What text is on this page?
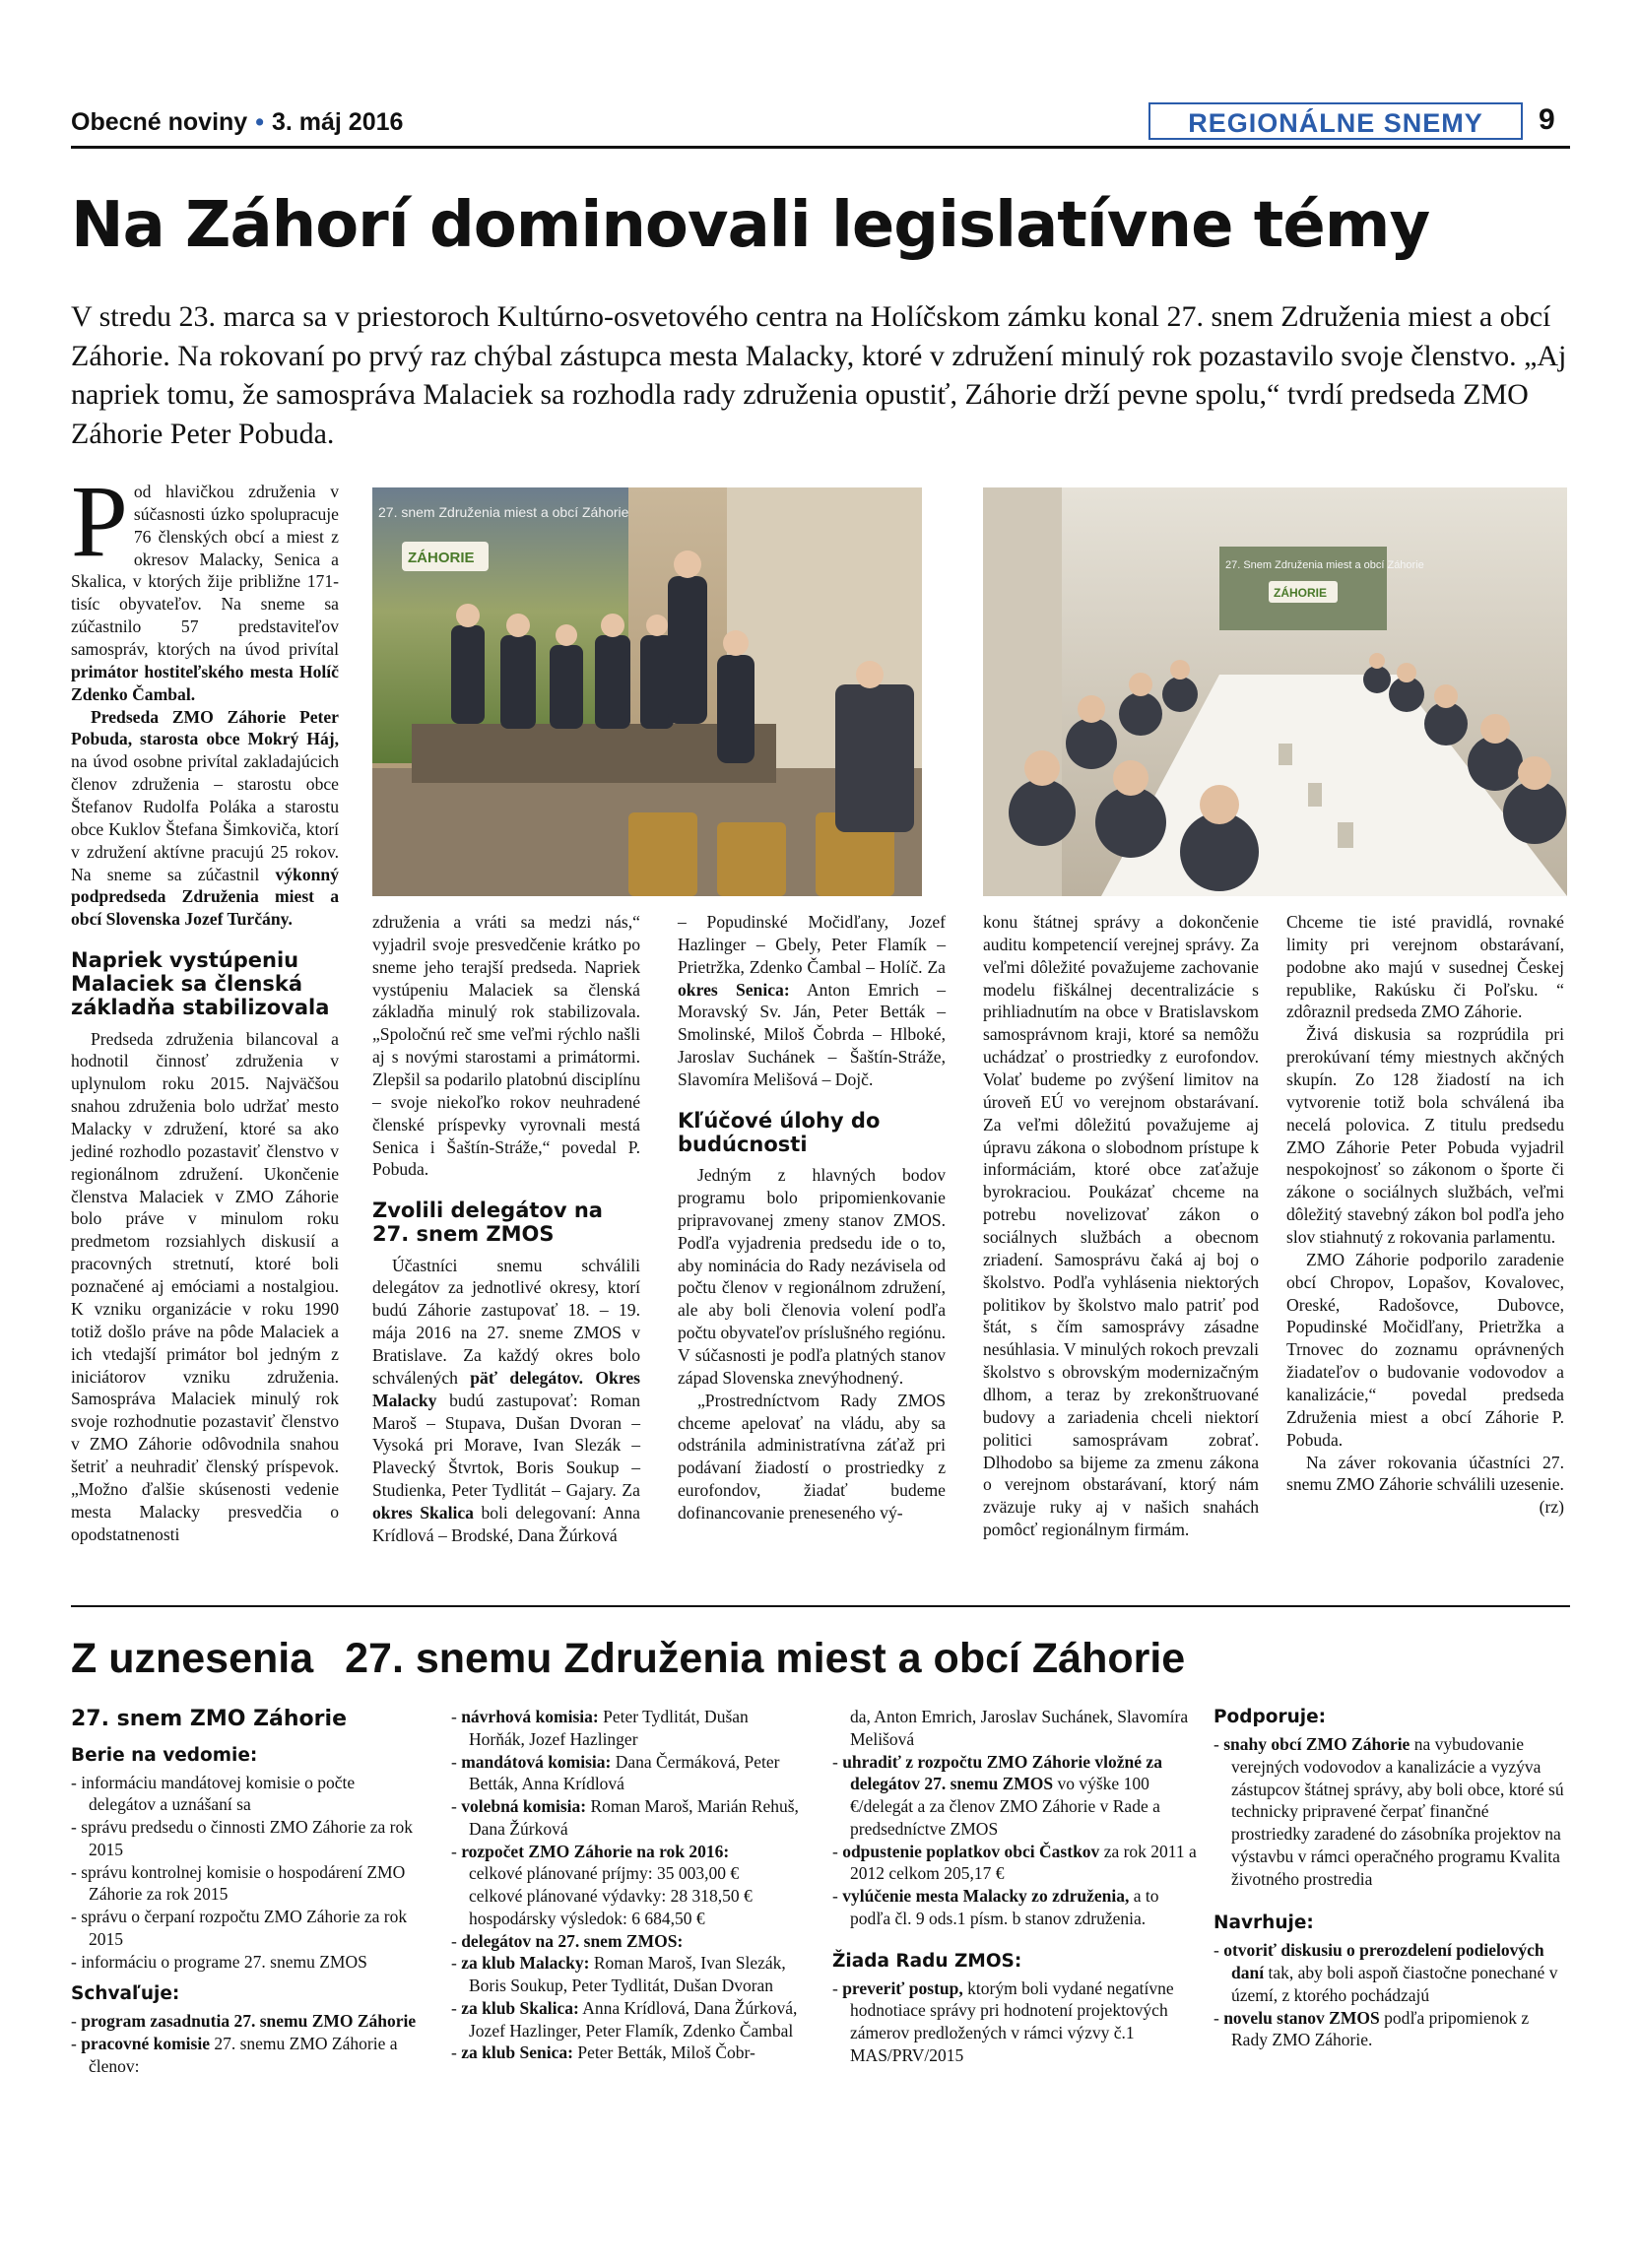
Obecné noviny • 3. máj 2016	REGIONÁLNE SNEMY	9
Na Záhorí dominovali legislatívne témy
V stredu 23. marca sa v priestoroch Kultúrno-osvetového centra na Holíčskom zámku konal 27. snem Združenia miest a obcí Záhorie. Na rokovaní po prvý raz chýbal zástupca mesta Malacky, ktoré v združení minulý rok pozastavilo svoje členstvo. „Aj napriek tomu, že samospráva Malaciek sa rozhodla rady združenia opustiť, Záhorie drží pevne spolu,“ tvrdí predseda ZMO Záhorie Peter Pobuda.

Pod hlavičkou združenia v súčasnosti úzko spolupracuje 76 členských obcí a miest z okresov Malacky, Senica a Skalica, v ktorých žije približne 171-tisíc obyvateľov. Na sneme sa zúčastnilo 57 predstaviteľov samospráv, ktorých na úvod privítal primátor hostiteľského mesta Holíč Zdenko Čambal.

Predseda ZMO Záhorie Peter Pobuda, starosta obce Mokrý Háj, na úvod osobne privítal zakladajúcich členov združenia – starostu obce Štefanov Rudolfa Poláka a starostu obce Kuklov Štefana Šimkoviča, ktorí v združení aktívne pracujú 25 rokov. Na sneme sa zúčastnil výkonný podpredseda Združenia miest a obcí Slovenska Jozef Turčány.

Napriek vystúpeniu Malaciek sa členská základňa stabilizovala

Predseda združenia bilancoval a hodnotil činnosť združenia v uplynulom roku 2015. Najväčšou snahou združenia bolo udržať mesto Malacky v združení, ktoré sa ako jediné rozhodlo pozastaviť členstvo v regionálnom združení. Ukončenie členstva Malaciek v ZMO Záhorie bolo práve v minulom roku predmetom rozsiahlych diskusií a pracovných stretnutí, ktoré boli poznačené aj emóciami a nostalgiou. K vzniku organizácie v roku 1990 totiž došlo práve na pôde Malaciek a ich vtedajší primátor bol jedným z iniciátorov vzniku združenia. Samospráva Malaciek minulý rok svoje rozhodnutie pozastaviť členstvo v ZMO Záhorie odôvodnila snahou šetriť a neuhradiť členský príspevok. „Možno ďalšie skúsenosti vedenie mesta Malacky presvedčia o opodstatnenosti

27. snem Združenia miest a obcí Záhorie
ZÁHORIE	27. Snem Združenia miest a obcí Záhorie
ZÁHORIE

združenia a vráti sa medzi nás,“ vyjadril svoje presvedčenie krátko po sneme jeho terajší predseda. Napriek vystúpeniu Malaciek sa členská základňa minulý rok stabilizovala. „Spoločnú reč sme veľmi rýchlo našli aj s novými starostami a primátormi. Zlepšil sa podarilo platobnú disciplínu – svoje niekoľko rokov neuhradené členské príspevky vyrovnali mestá Senica i Šaštín-Stráže,“ povedal P. Pobuda.

Zvolili delegátov na 27. snem ZMOS

Účastníci snemu schválili delegátov za jednotlivé okresy, ktorí budú Záhorie zastupovať 18. – 19. mája 2016 na 27. sneme ZMOS v Bratislave. Za každý okres bolo schválených päť delegátov. Okres Malacky budú zastupovať: Roman Maroš – Stupava, Dušan Dvoran – Vysoká pri Morave, Ivan Slezák – Plavecký Štvrtok, Boris Soukup – Studienka, Peter Tydlitát – Gajary. Za okres Skalica boli delegovaní: Anna Krídlová – Brodské, Dana Žúrková

– Popudinské Močidľany, Jozef Hazlinger – Gbely, Peter Flamík – Prietržka, Zdenko Čambal – Holíč. Za okres Senica: Anton Emrich – Moravský Sv. Ján, Peter Betták – Smolinské, Miloš Čobrda – Hlboké, Jaroslav Suchánek – Šaštín-Stráže, Slavomíra Melišová – Dojč.

Kľúčové úlohy do budúcnosti

Jedným z hlavných bodov programu bolo pripomienkovanie pripravovanej zmeny stanov ZMOS. Podľa vyjadrenia predsedu ide o to, aby nominácia do Rady nezávisela od počtu členov v regionálnom združení, ale aby boli členovia volení podľa počtu obyvateľov príslušného regiónu. V súčasnosti je podľa platných stanov západ Slovenska znevýhodnený.

„Prostredníctvom Rady ZMOS chceme apelovať na vládu, aby sa odstránila administratívna záťaž pri podávaní žiadostí o prostriedky z eurofondov, žiadať budeme dofinancovanie preneseného vý-

konu štátnej správy a dokončenie auditu kompetencií verejnej správy. Za veľmi dôležité považujeme zachovanie modelu fiškálnej decentralizácie s prihliadnutím na obce v Bratislavskom samosprávnom kraji, ktoré sa nemôžu uchádzať o prostriedky z eurofondov. Volať budeme po zvýšení limitov na úroveň EÚ vo verejnom obstarávaní. Za veľmi dôležitú považujeme aj úpravu zákona o slobodnom prístupe k informáciám, ktoré obce zaťažuje byrokraciou. Poukázať chceme na potrebu novelizovať zákon o sociálnych službách a obecnom zriadení. Samosprávu čaká aj boj o školstvo. Podľa vyhlásenia niektorých politikov by školstvo malo patriť pod štát, s čím samosprávy zásadne nesúhlasia. V minulých rokoch prevzali školstvo s obrovským modernizačným dlhom, a teraz by zrekonštruované budovy a zariadenia chceli niektorí politici samosprávam zobrať. Dlhodobo sa bijeme za zmenu zákona o verejnom obstarávaní, ktorý nám zväzuje ruky aj v našich snahách pomôcť regionálnym firmám.

Chceme tie isté pravidlá, rovnaké limity pri verejnom obstarávaní, podobne ako majú v susednej Českej republike, Rakúsku či Poľsku. “ zdôraznil predseda ZMO Záhorie.

Živá diskusia sa rozprúdila pri prerokúvaní témy miestnych akčných skupín. Zo 128 žiadostí na ich vytvorenie totiž bola schválená iba necelá polovica. Z titulu predsedu ZMO Záhorie Peter Pobuda vyjadril nespokojnosť so zákonom o športe či zákone o sociálnych službách, veľmi dôležitý stavebný zákon bol podľa jeho slov stiahnutý z rokovania parlamentu.

ZMO Záhorie podporilo zaradenie obcí Chropov, Lopašov, Kovalovec, Oreské, Radošovce, Dubovce, Popudinské Močidľany, Prietržka a Trnovec do zoznamu oprávnených žiadateľov o budovanie vodovodov a kanalizácie,“ povedal predseda Združenia miest a obcí Záhorie P. Pobuda.

Na záver rokovania účastníci 27. snemu ZMO Záhorie schválili uzesenie.

(rz)
Z uznesenia 27. snemu Združenia miest a obcí Záhorie
27. snem ZMO Záhorie
Berie na vedomie:
- informáciu mandátovej komisie o počte delegátov a uznášaní sa
- správu predsedu o činnosti ZMO Záhorie za rok 2015
- správu kontrolnej komisie o hospodárení ZMO Záhorie za rok 2015
- správu o čerpaní rozpočtu ZMO Záhorie za rok 2015
- informáciu o programe 27. snemu ZMOS
Schvaľuje:
- program zasadnutia 27. snemu ZMO Záhorie
- pracovné komisie 27. snemu ZMO Záhorie a členov:
- návrhová komisia: Peter Tydlitát, Dušan Horňák, Jozef Hazlinger
- mandátová komisia: Dana Čermáková, Peter Betták, Anna Krídlová
- volebná komisia: Roman Maroš, Marián Rehuš, Dana Žúrková
- rozpočet ZMO Záhorie na rok 2016:
celkové plánované príjmy: 35 003,00 €
celkové plánované výdavky: 28 318,50 €
hospodársky výsledok: 6 684,50 €
- delegátov na 27. snem ZMOS:
- za klub Malacky: Roman Maroš, Ivan Slezák, Boris Soukup, Peter Tydlitát, Dušan Dvoran
- za klub Skalica: Anna Krídlová, Dana Žúrková, Jozef Hazlinger, Peter Flamík, Zdenko Čambal
- za klub Senica: Peter Betták, Miloš Čobr-
da, Anton Emrich, Jaroslav Suchánek, Slavomíra Melišová
- uhradiť z rozpočtu ZMO Záhorie vložné za delegátov 27. snemu ZMOS vo výške 100 €/delegát a za členov ZMO Záhorie v Rade a predsedníctve ZMOS
- odpustenie poplatkov obci Častkov za rok 2011 a 2012 celkom 205,17 €
- vylúčenie mesta Malacky zo združenia, a to podľa čl. 9 ods.1 písm. b stanov združenia.
Žiada Radu ZMOS:
- preveriť postup, ktorým boli vydané negatívne hodnotiace správy pri hodnotení projektových zámerov predložených v rámci výzvy č.1 MAS/PRV/2015
Podporuje:
- snahy obcí ZMO Záhorie na vybudovanie verejných vodovodov a kanalizácie a vyzýva zástupcov štátnej správy, aby boli obce, ktoré sú technicky pripravené čerpať finančné prostriedky zaradené do zásobníka projektov na výstavbu v rámci operačného programu Kvalita životného prostredia
Navrhuje:
- otvoriť diskusiu o prerozdelení podielových daní tak, aby boli aspoň čiastočne ponechané v území, z ktorého pochádzajú
- novelu stanov ZMOS podľa pripomienok z Rady ZMO Záhorie.
